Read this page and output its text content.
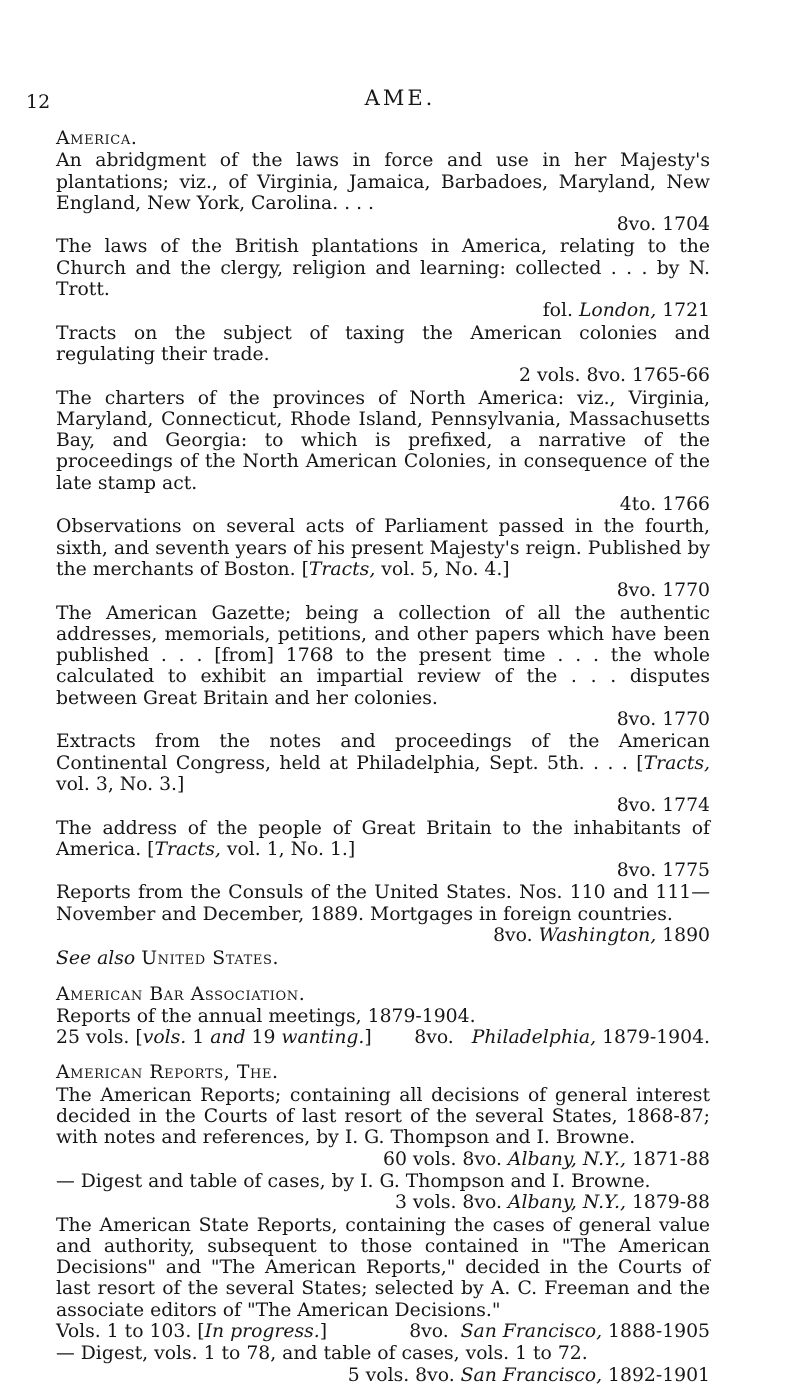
12	AME.
America.
An abridgment of the laws in force and use in her Majesty's plantations; viz., of Virginia, Jamaica, Barbadoes, Maryland, New England, New York, Carolina. . . .
8vo. 1704
The laws of the British plantations in America, relating to the Church and the clergy, religion and learning: collected . . . by N. Trott.
fol. London, 1721
Tracts on the subject of taxing the American colonies and regulating their trade.
2 vols. 8vo. 1765-66
The charters of the provinces of North America: viz., Virginia, Maryland, Connecticut, Rhode Island, Pennsylvania, Massachusetts Bay, and Georgia: to which is prefixed, a narrative of the proceedings of the North American Colonies, in consequence of the late stamp act.
4to. 1766
Observations on several acts of Parliament passed in the fourth, sixth, and seventh years of his present Majesty's reign. Published by the merchants of Boston. [Tracts, vol. 5, No. 4.]
8vo. 1770
The American Gazette; being a collection of all the authentic addresses, memorials, petitions, and other papers which have been published . . . [from] 1768 to the present time . . . the whole calculated to exhibit an impartial review of the . . . disputes between Great Britain and her colonies.
8vo. 1770
Extracts from the notes and proceedings of the American Continental Congress, held at Philadelphia, Sept. 5th. . . . [Tracts, vol. 3, No. 3.]
8vo. 1774
The address of the people of Great Britain to the inhabitants of America. [Tracts, vol. 1, No. 1.]
8vo. 1775
Reports from the Consuls of the United States. Nos. 110 and 111—November and December, 1889. Mortgages in foreign countries.
8vo. Washington, 1890
See also United States.
American Bar Association.
Reports of the annual meetings, 1879-1904.
25 vols. [vols. 1 and 19 wanting.] 8vo. Philadelphia, 1879-1904.
American Reports, The.
The American Reports; containing all decisions of general interest decided in the Courts of last resort of the several States, 1868-87; with notes and references, by I. G. Thompson and I. Browne.
60 vols. 8vo. Albany, N.Y., 1871-88
— Digest and table of cases, by I. G. Thompson and I. Browne.
3 vols. 8vo. Albany, N.Y., 1879-88
The American State Reports, containing the cases of general value and authority, subsequent to those contained in "The American Decisions" and "The American Reports," decided in the Courts of last resort of the several States; selected by A. C. Freeman and the associate editors of "The American Decisions."
Vols. 1 to 103. [In progress.]	8vo. San Francisco, 1888-1905
— Digest, vols. 1 to 78, and table of cases, vols. 1 to 72.
5 vols. 8vo. San Francisco, 1892-1901
